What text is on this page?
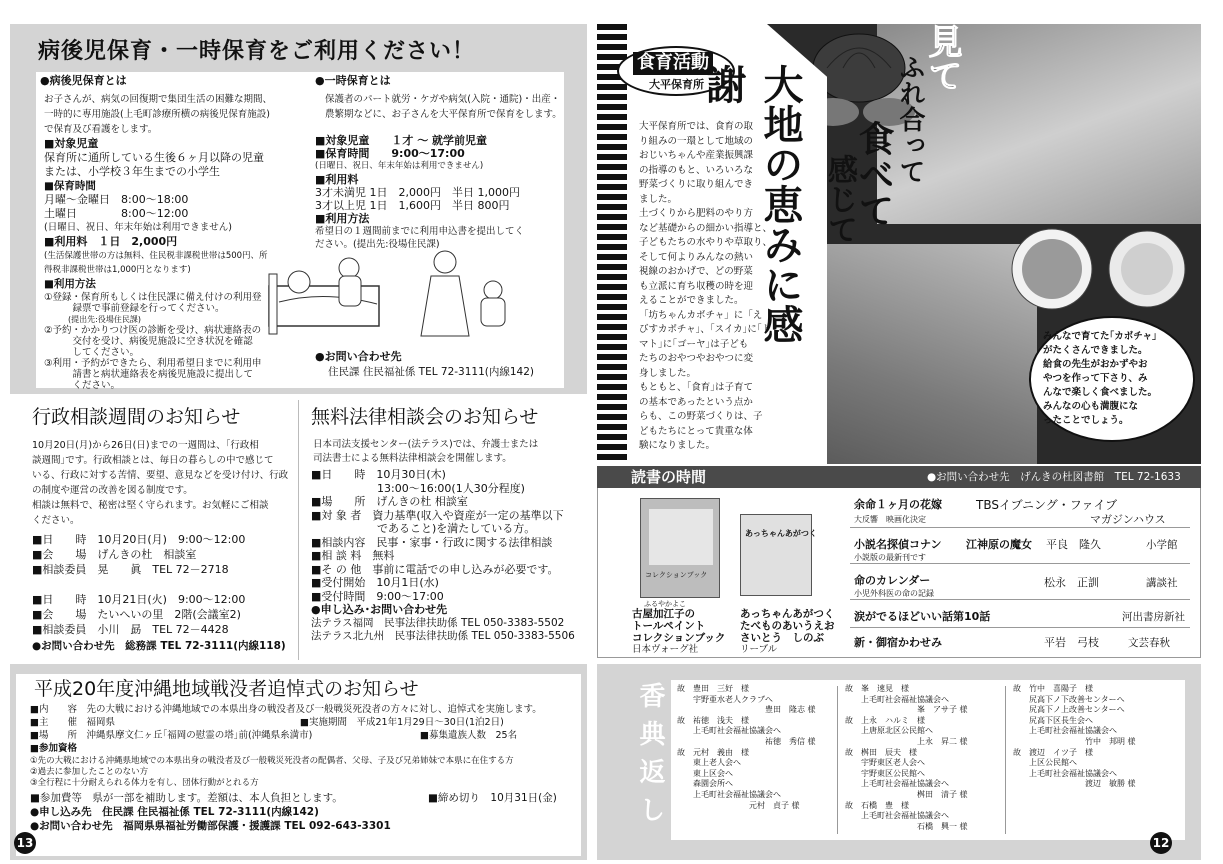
病後児保育・一時保育をご利用ください！
●病後児保育とは
お子さんが、病気の回復期で集団生活の困難な期間、
一時的に専用施設(上毛町診療所横の病後児保育施設)
で保育及び看護をします。
■対象児童
保育所に通所している生後６ヶ月以降の児童
または、小学校３年生までの小学生
■保育時間
月曜～金曜日　8:00～18:00
土曜日　　　　8:00～12:00
(日曜日、祝日、年末年始は利用できません)
■利用料　１日　2,000円
(生活保護世帯の方は無料、住民税非課税世帯は500円、所
得税非課税世帯は1,000円となります)
■利用方法
①登録・保育所もしくは住民課に備え付けの利用登
　　　録票で事前登録を行ってください。
　　　(提出先:役場住民課)
②予約・かかりつけ医の診断を受け、病状連絡表の
　　　交付を受け、病後児施設に空き状況を確認
　　　してください。
③利用・予約ができたら、利用希望日までに利用申
　　　請書と病状連絡表を病後児施設に提出して
　　　ください。
●一時保育とは
保護者のパート就労・ケガや病気(入院・通院)・出産・
農繁期などに、お子さんを大平保育所で保育をします。
■対象児童　　１才 ～ 就学前児童
■保育時間　　9:00～17:00
(日曜日、祝日、年末年始は利用できません)
■利用料
3才未満児 1日　2,000円　半日 1,000円
3才以上児 1日　1,600円　半日 800円
■利用方法
希望日の１週間前までに利用申込書を提出してく
ださい。(提出先:役場住民課)
●お問い合わせ先
住民課 住民福祉係 TEL 72-3111(内線142)
行政相談週間のお知らせ
10月20日(月)から26日(日)までの一週間は、｢行政相
談週間｣です。行政相談とは、毎日の暮らしの中で感じて
いる、行政に対する苦情、要望、意見などを受け付け、行政
の制度や運営の改善を図る制度です。
相談は無料で、秘密は堅く守られます。お気軽にご相談
ください。
■日　　時　10月20日(月)　9:00～12:00
■会　　場　げんきの杜　相談室
■相談委員　晃　　眞　TEL 72－2718
■日　　時　10月21日(火)　9:00～12:00
■会　　場　たいへいの里　2階(会議室2)
■相談委員　小川　勗　TEL 72－4428
●お問い合わせ先　総務課 TEL 72-3111(内線118)
無料法律相談会のお知らせ
日本司法支援センター(法テラス)では、弁護士または
司法書士による無料法律相談会を開催します。
■日　　時　10月30日(木)
　　　　　　13:00～16:00(1人30分程度)
■場　　所　げんきの杜 相談室
■対 象 者　資力基準(収入や資産が一定の基準以下
　　　　　　であること)を満たしている方。
■相談内容　民事・家事・行政に関する法律相談
■相 談 料　無料
■そ の 他　事前に電話での申し込みが必要です。
■受付開始　10月1日(水)
■受付時間　9:00～17:00
●申し込み･お問い合わせ先
法テラス福岡　民事法律扶助係 TEL 050-3383-5502
法テラス北九州　民事法律扶助係 TEL 050-3383-5506
平成20年度沖縄地域戦没者追悼式のお知らせ
■内　　容　先の大戦における沖縄地域での本県出身の戦没者及び一般戦災死没者の方々に対し、追悼式を実施します。
■主　　催　福岡県	■実施期間　平成21年1月29日～30日(1泊2日)
■場　　所　沖縄県摩文仁ヶ丘｢福岡の慰霊の塔｣前(沖縄県糸満市)	■募集遺族人数　25名
■参加資格
①先の大戦における沖縄県地域での本県出身の戦没者及び一般戦災死没者の配偶者、父母、子及び兄弟姉妹で本県に在住する方
②過去に参加したことのない方
③全行程に十分耐えられる体力を有し、団体行動がとれる方
■参加費等　県が一部を補助します。差額は、本人負担とします。	■締め切り　10月31日(金)
●申し込み先　住民課 住民福祉係 TEL 72-3111(内線142)
●お問い合わせ先　福岡県県福祉労働部保護・援護課 TEL 092-643-3301
13
食育活動
大平保育所	見て
ふれ合って
食べて
感じて
大地の恵みに感謝
大平保育所では、食育の取
り組みの一環として地域の
おじいちゃんや産業振興課
の指導のもと、いろいろな
野菜づくりに取り組んでき
ました。
土づくりから肥料のやり方
など基礎からの細かい指導と、
子どもたちの水やりや草取り、
そして何よりみんなの熱い
視線のおかげで、どの野菜
も立派に育ち収穫の時を迎
えることができました。
「坊ちゃんカボチャ」に「え
びすカボチャ」、｢スイカ｣に｢ト
マト｣に｢ゴーヤ｣は子ども
たちのおやつやおやつに変
身しました。
もともと、｢食育｣は子育て
の基本であったという点か
らも、この野菜づくりは、子
どもたちにとって貴重な体
験になりました。
みんなで育てた｢カボチャ｣
がたくさんできました。
給食の先生がおかずやお
やつを作って下さり、み
んなで楽しく食べました。
みんなの心も満腹にな
ったことでしょう。
読書の時間	●お問い合わせ先　げんきの杜図書館　TEL 72-1633
コレクションブック
あっちゃんあがつく
ふるやかよこ
古屋加江子の
トールペイント
コレクションブック
日本ヴォーグ社
あっちゃんあがつく
たべものあいうえお
さいとう　しのぶ
リーブル
余命１ヶ月の花嫁	TBSイブニング・ファイブ
大反響　映画化決定	マガジンハウス
小説名探偵コナン 江神原の魔女 平良　隆久	小学館
小説版の最新刊です
命のカレンダー	松永　正訓	講談社
小児外科医の命の記録
涙がでるほどいい話第10話	河出書房新社
新・御宿かわせみ	平岩　弓枝	文芸春秋
香典返し	故　豊田　三好　様
　　宇野亜水老人クラブへ
　　　　　　　　　　　豊田　隆志 様
故　祐徳　浅夫　様
　　上毛町社会福祉協議会へ
　　　　　　　　　　　祐徳　秀信 様
故　元村　義由　様
　　東上老人会へ
　　東上区会へ
　　森園会所へ
　　上毛町社会福祉協議会へ
　　　　　　　　　元村　貞子 様
故　峯　速見　様
　　上毛町社会福祉協議会へ
　　　　　　　　　峯　アサ子 様
故　上永　ハルミ　様
　　上唐原北区公民館へ
　　　　　　　　　上永　昇二 様
故　桝田　辰夫　様
　　宇野東区老人会へ
　　宇野東区公民館へ
　　上毛町社会福祉協議会へ
　　　　　　　　　桝田　清子 様
故　石橋　豊　様
　　上毛町社会福祉協議会へ
　　　　　　　　　石橋　興一 様
故　竹中　喜陽子　様
　　尻高下ノ下改善センターへ
　　尻高下ノ上改善センターへ
　　尻高下区長生会へ
　　上毛町社会福祉協議会へ
　　　　　　　　　竹中　邦明 様
故　渡辺　イツ子　様
　　上区公民館へ
　　上毛町社会福祉協議会へ
　　　　　　　　　渡辺　敏勝 様
12
